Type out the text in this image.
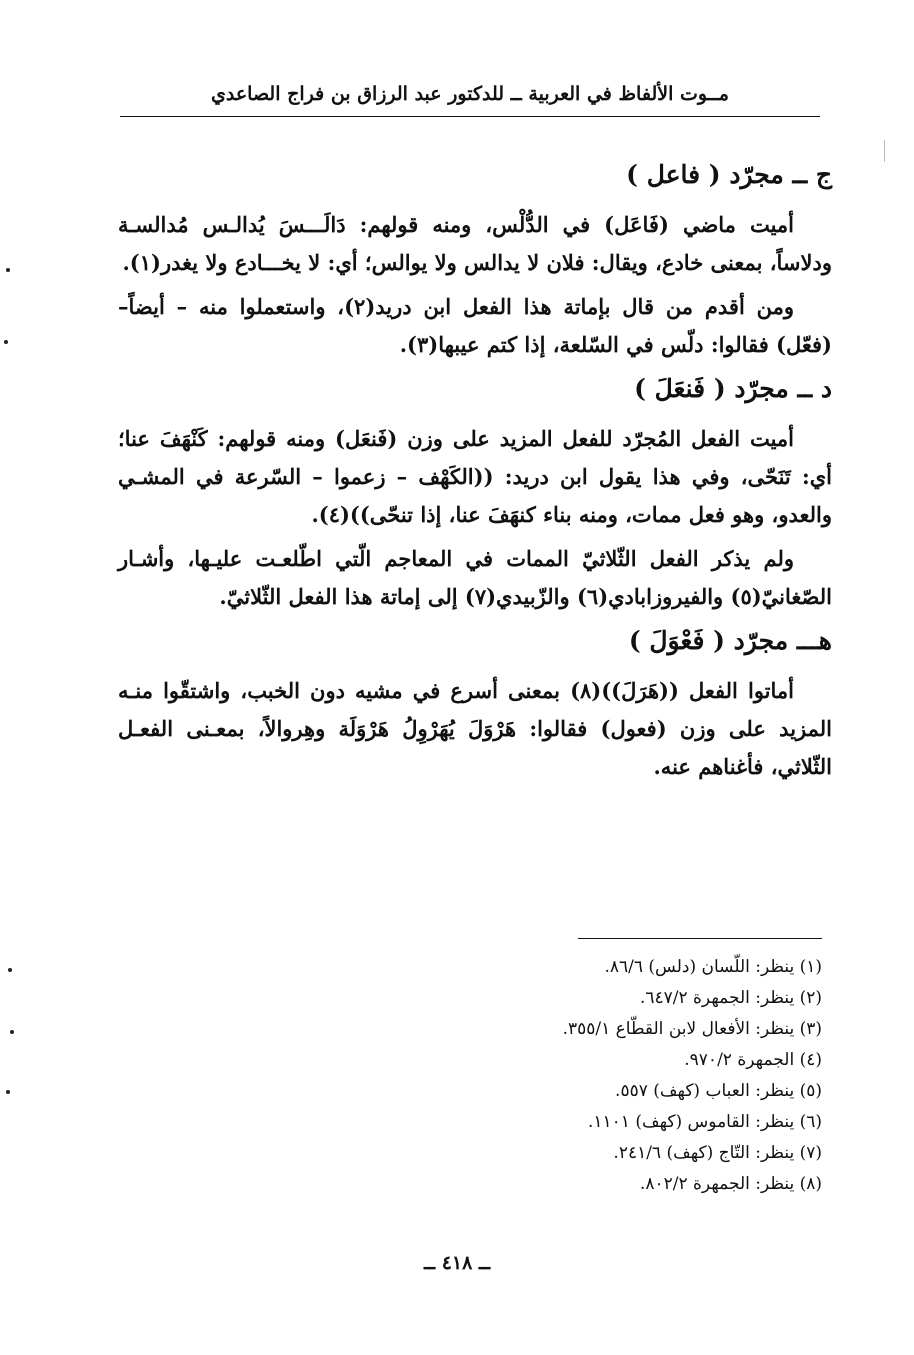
مــوت الألفاظ في العربية ــ للدكتور عبد الرزاق بن فراج الصاعدي
ج ــ مجرّد ( فاعل )

أميت ماضي (فَاعَل) في الدُّلْس، ومنه قولهم: دَالَـــسَ يُدالـس مُدالسـة ودلاساً، بمعنى خادع، ويقال: فلان لا يدالس ولا يوالس؛ أي: لا يخـــادع ولا يغدر(١).

ومن أقدم من قال بإماتة هذا الفعل ابن دريد(٢)، واستعملوا منه – أيضاً– (فعّل) فقالوا: دلّس في السّلعة، إذا كتم عيبها(٣).

د ــ مجرّد ( فَنعَلَ )

أميت الفعل المُجرّد للفعل المزيد على وزن (فَنعَل) ومنه قولهم: كَنْهَفَ عنا؛ أي: تَنَحّى، وفي هذا يقول ابن دريد: ((الكَهْف – زعموا – السّرعة في المشـي والعدو، وهو فعل ممات، ومنه بناء كنهَفَ عنا، إذا تنحّى))(٤).

ولم يذكر الفعل الثّلاثيّ الممات في المعاجم الّتي اطّلعـت عليـها، وأشـار الصّغانيّ(٥) والفيروزابادي(٦) والزّبيدي(٧) إلى إماتة هذا الفعل الثّلاثيّ.

هـــ مجرّد ( فَعْوَلَ )

أماتوا الفعل ((هَرَلَ))(٨) بمعنى أسرع في مشيه دون الخبب، واشتقّوا منـه المزيد على وزن (فعول) فقالوا: هَرْوَلَ يُهَرْوِلُ هَرْوَلَة وهِروالاً، بمعـنى الفعـل الثّلاثي، فأغناهم عنه.

(١) ينظر: اللّسان (دلس) ٨٦/٦.
(٢) ينظر: الجمهرة ٦٤٧/٢.
(٣) ينظر: الأفعال لابن القطّاع ٣٥٥/١.
(٤) الجمهرة ٩٧٠/٢.
(٥) ينظر: العباب (كهف) ٥٥٧.
(٦) ينظر: القاموس (كهف) ١١٠١.
(٧) ينظر: التّاج (كهف) ٢٤١/٦.
(٨) ينظر: الجمهرة ٨٠٢/٢.
ــ ٤١٨ ــ
